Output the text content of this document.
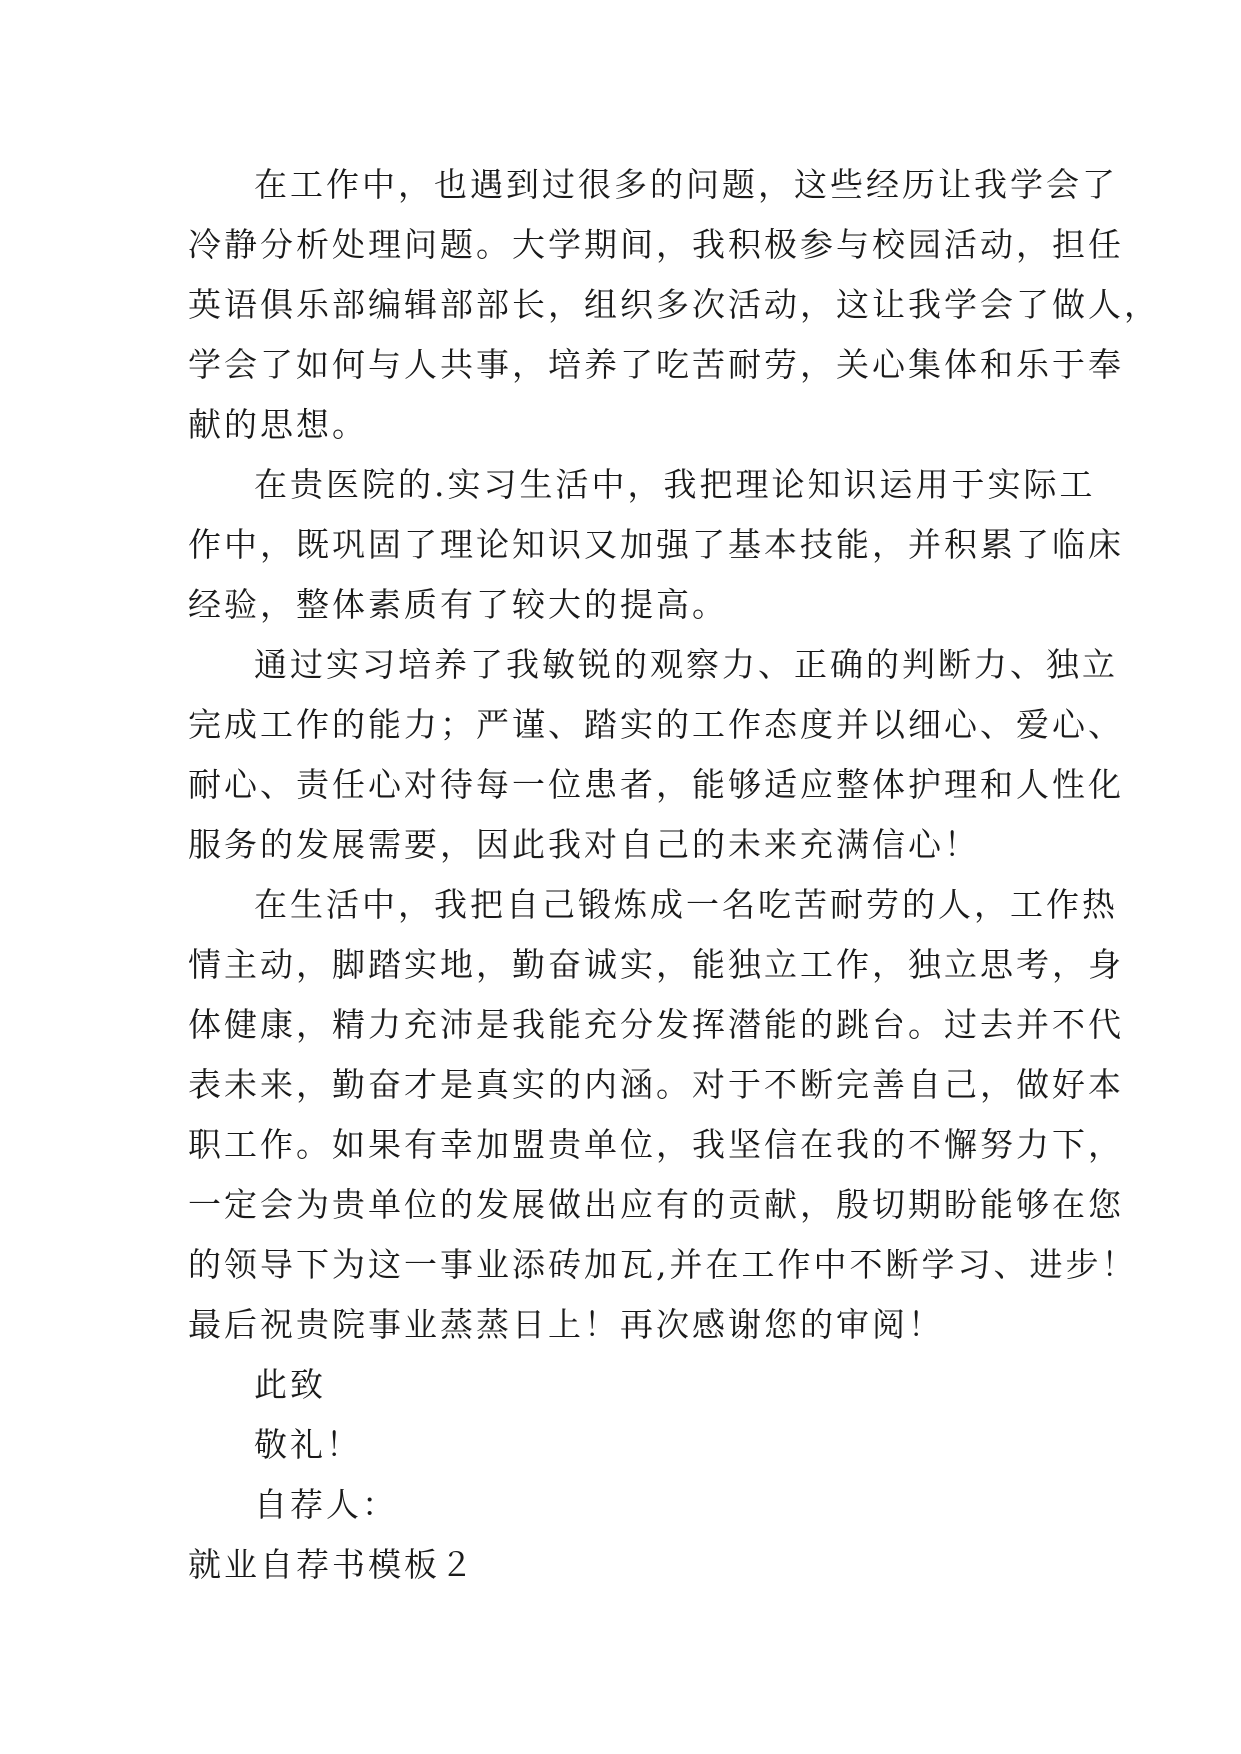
在工作中，也遇到过很多的问题，这些经历让我学会了
冷静分析处理问题。大学期间，我积极参与校园活动，担任
英语俱乐部编辑部部长，组织多次活动，这让我学会了做人，
学会了如何与人共事，培养了吃苦耐劳，关心集体和乐于奉
献的思想。
在贵医院的.实习生活中，我把理论知识运用于实际工
作中，既巩固了理论知识又加强了基本技能，并积累了临床
经验，整体素质有了较大的提高。
通过实习培养了我敏锐的观察力、正确的判断力、独立
完成工作的能力；严谨、踏实的工作态度并以细心、爱心、
耐心、责任心对待每一位患者，能够适应整体护理和人性化
服务的发展需要，因此我对自己的未来充满信心！
在生活中，我把自己锻炼成一名吃苦耐劳的人，工作热
情主动，脚踏实地，勤奋诚实，能独立工作，独立思考，身
体健康，精力充沛是我能充分发挥潜能的跳台。过去并不代
表未来，勤奋才是真实的内涵。对于不断完善自己，做好本
职工作。如果有幸加盟贵单位，我坚信在我的不懈努力下，
一定会为贵单位的发展做出应有的贡献，殷切期盼能够在您
的领导下为这一事业添砖加瓦,并在工作中不断学习、进步！
最后祝贵院事业蒸蒸日上！再次感谢您的审阅！
此致
敬礼！
自荐人：
就业自荐书模板２
